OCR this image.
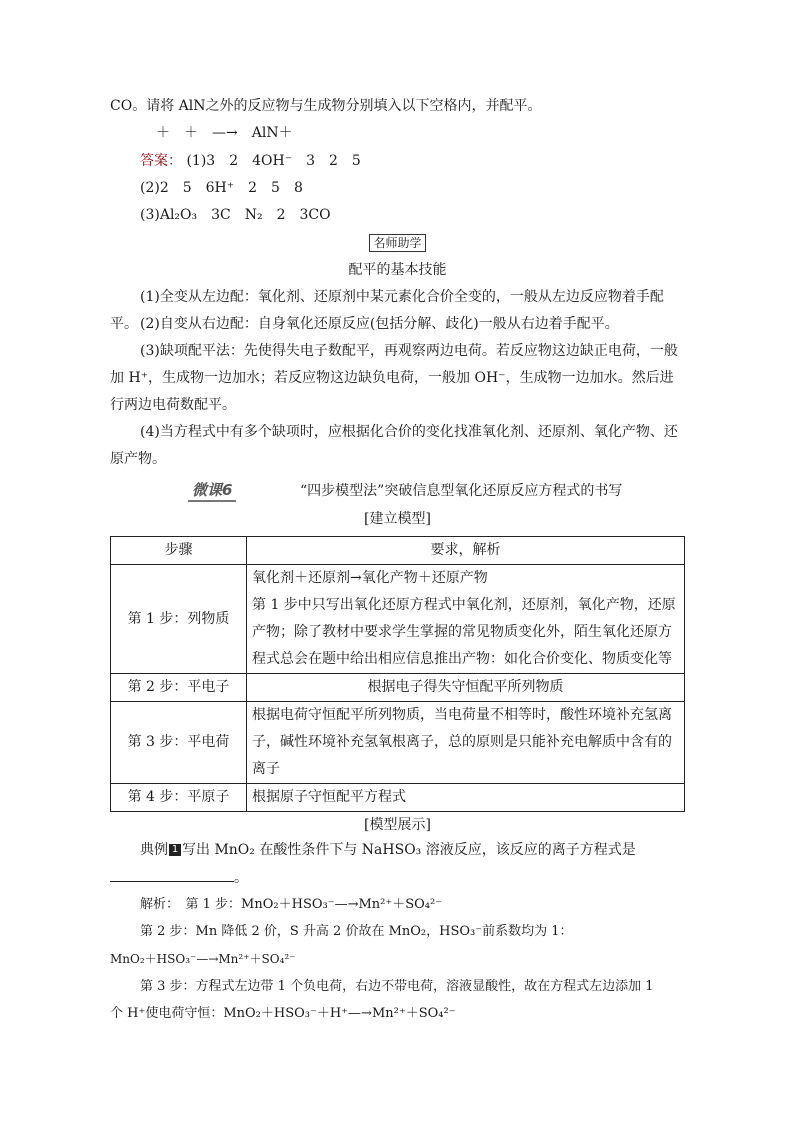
CO。请将 AlN之外的反应物与生成物分别填入以下空格内，并配平。
＋　＋　—→　AlN＋
答案： (1)3　2　4OH⁻　3　2　5
(2)2　5　6H⁺　2　5　8
(3)Al₂O₃　3C　N₂　2　3CO
名师助学
配平的基本技能
(1)全变从左边配：氧化剂、还原剂中某元素化合价全变的，一般从左边反应物着手配平。 (2)自变从右边配：自身氧化还原反应(包括分解、歧化)一般从右边着手配平。
(3)缺项配平法：先使得失电子数配平，再观察两边电荷。若反应物这边缺正电荷，一般加 H⁺，生成物一边加水；若反应物这边缺负电荷，一般加 OH⁻，生成物一边加水。然后进行两边电荷数配平。
(4)当方程式中有多个缺项时，应根据化合价的变化找准氧化剂、还原剂、氧化产物、还原产物。
微课6	“四步模型法”突破信息型氧化还原反应方程式的书写
[建立模型]
步骤	要求，解析
第 1 步：列物质	氧化剂＋还原剂→氧化产物＋还原产物
第 1 步中只写出氧化还原方程式中氧化剂，还原剂，氧化产物，还原产物；除了教材中要求学生掌握的常见物质变化外，陌生氧化还原方程式总会在题中给出相应信息推出产物：如化合价变化、物质变化等

第 2 步：平电子	根据电子得失守恒配平所列物质
第 3 步：平电荷	根据电荷守恒配平所列物质，当电荷量不相等时，酸性环境补充氢离子，碱性环境补充氢氧根离子，总的原则是只能补充电解质中含有的离子
第 4 步：平原子	根据原子守恒配平方程式
[模型展示]
典例 1 写出 MnO₂ 在酸性条件下与 NaHSO₃ 溶液反应，该反应的离子方程式是
。
解析：　第 1 步：MnO₂＋HSO₃⁻—→Mn²⁺＋SO₄²⁻
第 2 步：Mn 降低 2 价，S 升高 2 价故在 MnO₂，HSO₃⁻前系数均为 1：
MnO₂＋HSO₃⁻—→Mn²⁺＋SO₄²⁻
第 3 步：方程式左边带 1 个负电荷，右边不带电荷，溶液显酸性，故在方程式左边添加 1
个 H⁺使电荷守恒：MnO₂＋HSO₃⁻＋H⁺—→Mn²⁺＋SO₄²⁻
